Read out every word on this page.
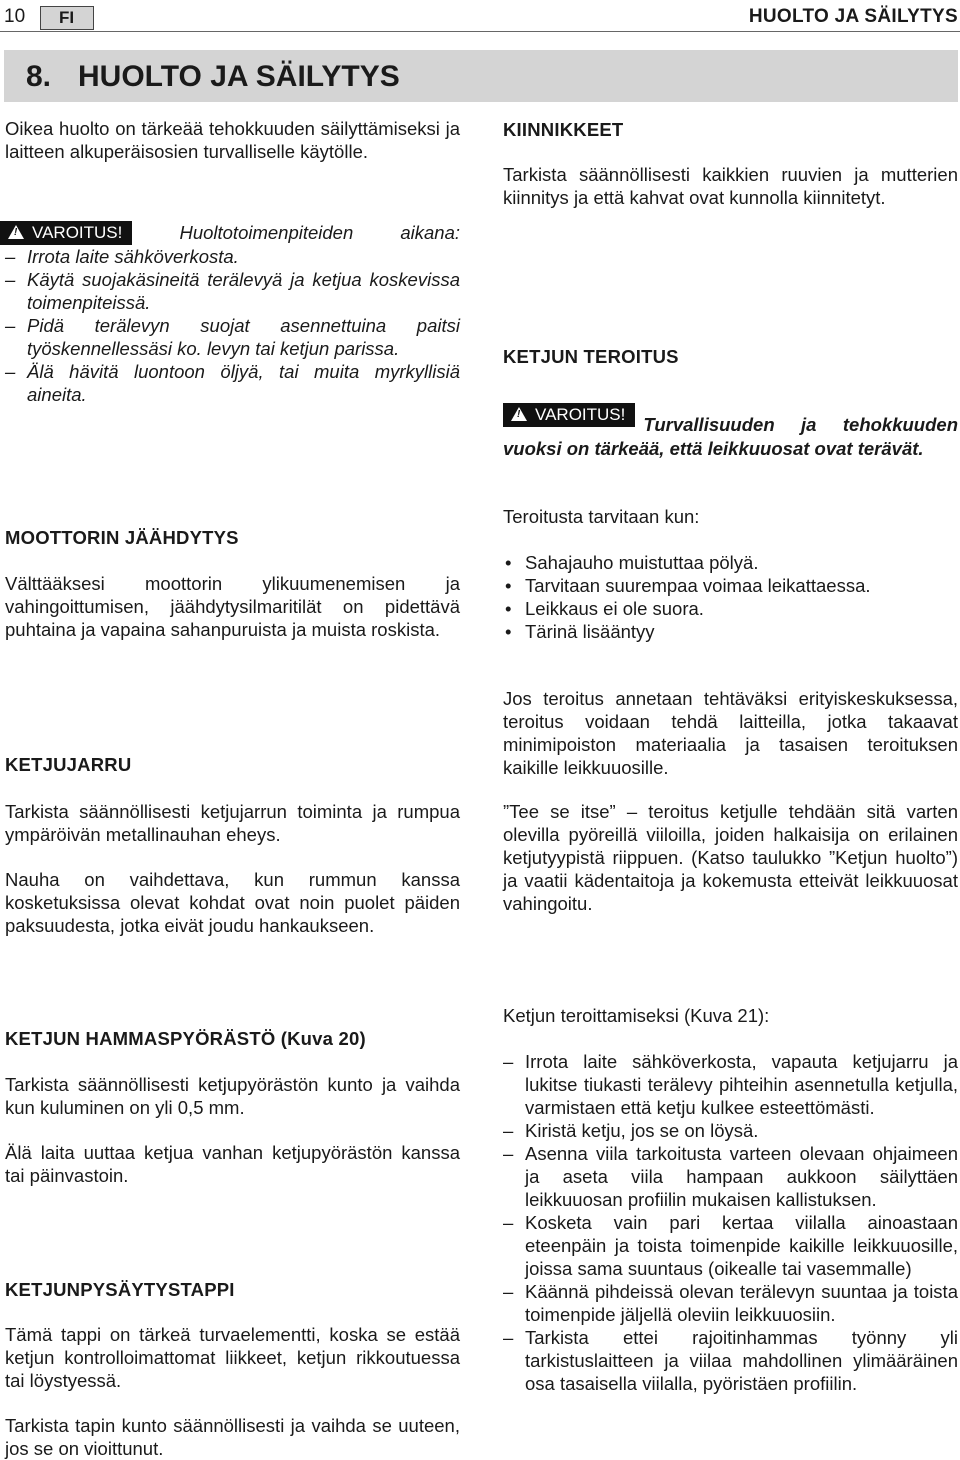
10	FI	HUOLTO JA SÄILYTYS
8. HUOLTO JA SÄILYTYS
Oikea huolto on tärkeää tehokkuuden säilyttämiseksi ja laitteen alkuperäisosien turvalliselle käytölle.
!VAROITUS!	Huoltotoimenpiteiden aikana:
– Irrota laite sähköverkosta.
– Käytä suojakäsineitä terälevyä ja ketjua koskevissa toimenpiteissä.
– Pidä terälevyn suojat asennettuina paitsi työskennellessäsi ko. levyn tai ketjun parissa.
– Älä hävitä luontoon öljyä, tai muita myrkyllisiä aineita.
MOOTTORIN JÄÄHDYTYS
Välttääksesi moottorin ylikuumenemisen ja vahingoittumisen, jäähdytysilmaritilät on pidettävä puhtaina ja vapaina sahanpuruista ja muista roskista.
KETJUJARRU
Tarkista säännöllisesti ketjujarrun toiminta ja rumpua ympäröivän metallinauhan eheys.
Nauha on vaihdettava, kun rummun kanssa kosketuksissa olevat kohdat ovat noin puolet päiden paksuudesta, jotka eivät joudu hankaukseen.
KETJUN HAMMASPYÖRÄSTÖ (Kuva 20)
Tarkista säännöllisesti ketjupyörästön kunto ja vaihda kun kuluminen on yli 0,5 mm.
Älä laita uuttaa ketjua vanhan ketjupyörästön kanssa tai päinvastoin.
KETJUNPYSÄYTYSTAPPI
Tämä tappi on tärkeä turvaelementti, koska se estää ketjun kontrolloimattomat liikkeet, ketjun rikkoutuessa tai löystyessä.
Tarkista tapin kunto säännöllisesti ja vaihda se uuteen, jos se on vioittunut.
KIINNIKKEET
Tarkista säännöllisesti kaikkien ruuvien ja mutterien kiinnitys ja että kahvat ovat kunnolla kiinnitetyt.
KETJUN TEROITUS
!VAROITUS! Turvallisuuden ja tehokkuuden vuoksi on tärkeää, että leikkuuosat ovat terävät.
Teroitusta tarvitaan kun:
• Sahajauho muistuttaa pölyä.
• Tarvitaan suurempaa voimaa leikattaessa.
• Leikkaus ei ole suora.
• Tärinä lisääntyy
Jos teroitus annetaan tehtäväksi erityiskeskuksessa, teroitus voidaan tehdä laitteilla, jotka takaavat minimipoiston materiaalia ja tasaisen teroituksen kaikille leikkuuosille.
”Tee se itse” – teroitus ketjulle tehdään sitä varten olevilla pyöreillä viiloilla, joiden halkaisija on erilainen ketjutyypistä riippuen. (Katso taulukko ”Ketjun huolto”) ja vaatii kädentaitoja ja kokemusta etteivät leikkuuosat vahingoitu.
Ketjun teroittamiseksi (Kuva 21):
– Irrota laite sähköverkosta, vapauta ketjujarru ja lukitse tiukasti terälevy pihteihin asennetulla ketjulla, varmistaen että ketju kulkee esteettömästi.
– Kiristä ketju, jos se on löysä.
– Asenna viila tarkoitusta varteen olevaan ohjaimeen ja aseta viila hampaan aukkoon säilyttäen leikkuuosan profiilin mukaisen kallistuksen.
– Kosketa vain pari kertaa viilalla ainoastaan eteenpäin ja toista toimenpide kaikille leikkuuosille, joissa sama suuntaus (oikealle tai vasemmalle)
– Käännä pihdeissä olevan terälevyn suuntaa ja toista toimenpide jäljellä oleviin leikkuuosiin.
– Tarkista ettei rajoitinhammas työnny yli tarkistuslaitteen ja viilaa mahdollinen ylimääräinen osa tasaisella viilalla, pyöristäen profiilin.
